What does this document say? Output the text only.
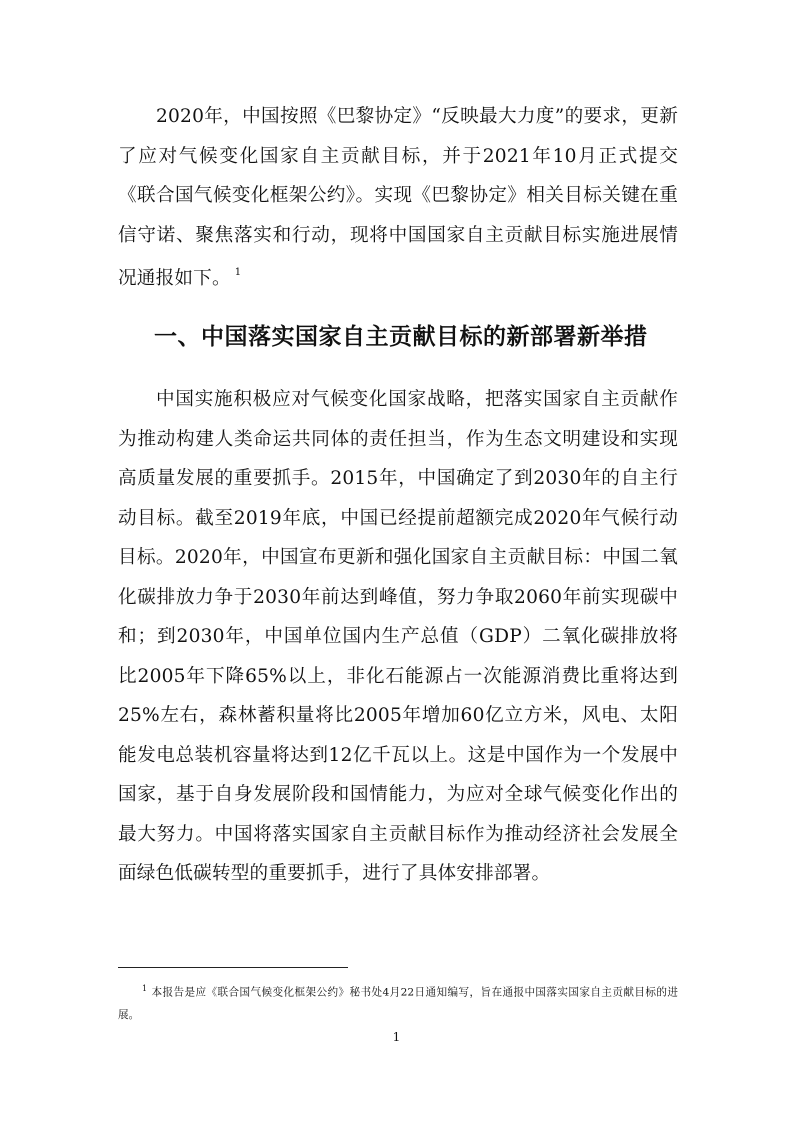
2020年，中国按照《巴黎协定》“反映最大力度”的要求，更新了应对气候变化国家自主贡献目标，并于2021年10月正式提交《联合国气候变化框架公约》。实现《巴黎协定》相关目标关键在重信守诺、聚焦落实和行动，现将中国国家自主贡献目标实施进展情况通报如下。 $^1$

一、中国落实国家自主贡献目标的新部署新举措

中国实施积极应对气候变化国家战略，把落实国家自主贡献作为推动构建人类命运共同体的责任担当，作为生态文明建设和实现高质量发展的重要抓手。2015年，中国确定了到2030年的自主行动目标。截至2019年底，中国已经提前超额完成2020年气候行动目标。2020年，中国宣布更新和强化国家自主贡献目标：中国二氧化碳排放力争于2030年前达到峰值，努力争取2060年前实现碳中和；到2030年，中国单位国内生产总值（GDP）二氧化碳排放将比2005年下降65%以上，非化石能源占一次能源消费比重将达到25%左右，森林蓄积量将比2005年增加60亿立方米，风电、太阳能发电总装机容量将达到12亿千瓦以上。这是中国作为一个发展中国家，基于自身发展阶段和国情能力，为应对全球气候变化作出的最大努力。中国将落实国家自主贡献目标作为推动经济社会发展全面绿色低碳转型的重要抓手，进行了具体安排部署。

$^1$ 本报告是应《联合国气候变化框架公约》秘书处4月22日通知编写，旨在通报中国落实国家自主贡献目标的进展。

1
